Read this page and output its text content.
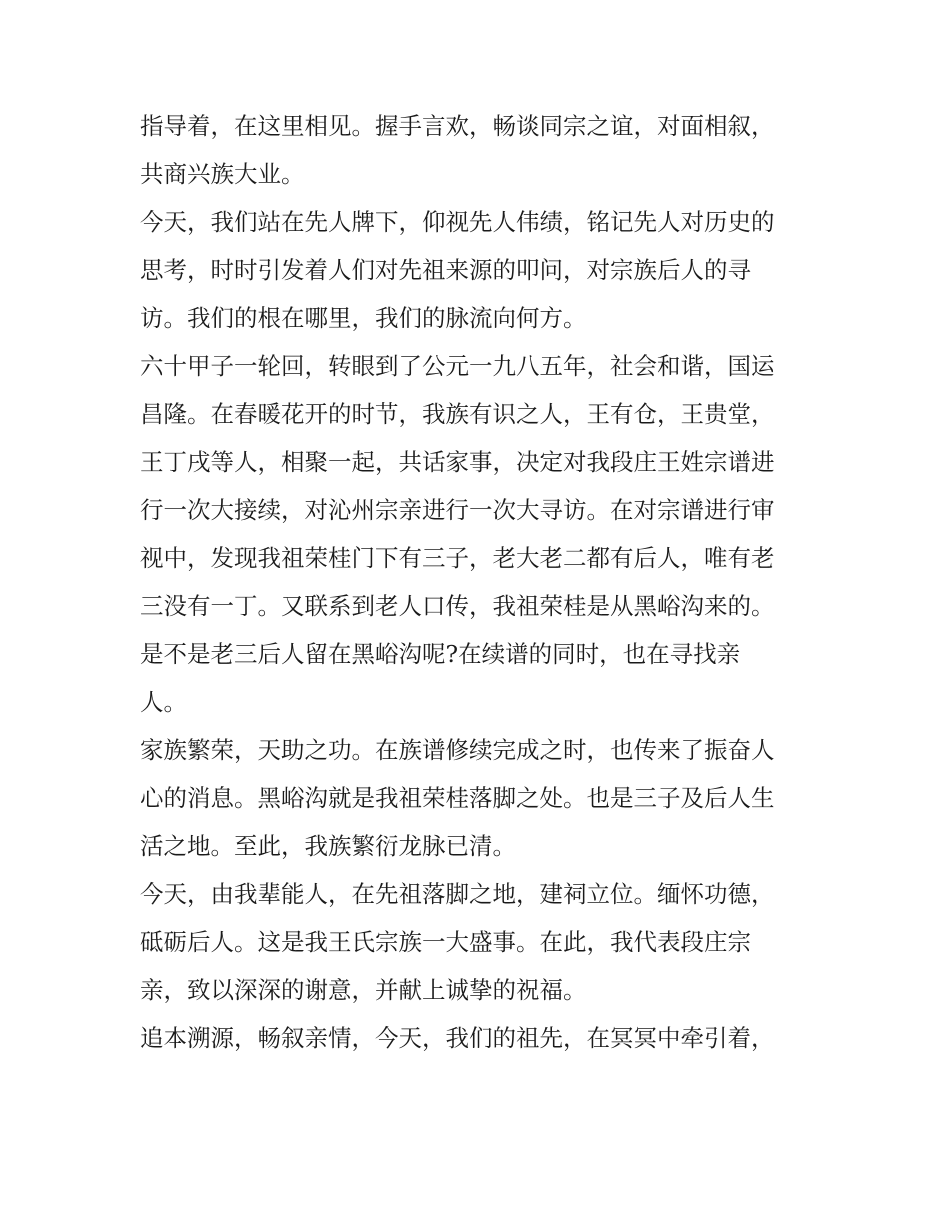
指导着，在这里相见。握手言欢，畅谈同宗之谊，对面相叙，
共商兴族大业。
今天，我们站在先人牌下，仰视先人伟绩，铭记先人对历史的
思考，时时引发着人们对先祖来源的叩问，对宗族后人的寻
访。我们的根在哪里，我们的脉流向何方。
六十甲子一轮回，转眼到了公元一九八五年，社会和谐，国运
昌隆。在春暖花开的时节，我族有识之人，王有仓，王贵堂，
王丁戌等人，相聚一起，共话家事，决定对我段庄王姓宗谱进
行一次大接续，对沁州宗亲进行一次大寻访。在对宗谱进行审
视中，发现我祖荣桂门下有三子，老大老二都有后人，唯有老
三没有一丁。又联系到老人口传，我祖荣桂是从黑峪沟来的。
是不是老三后人留在黑峪沟呢?在续谱的同时，也在寻找亲
人。
家族繁荣，天助之功。在族谱修续完成之时，也传来了振奋人
心的消息。黑峪沟就是我祖荣桂落脚之处。也是三子及后人生
活之地。至此，我族繁衍龙脉已清。
今天，由我辈能人，在先祖落脚之地，建祠立位。缅怀功德，
砥砺后人。这是我王氏宗族一大盛事。在此，我代表段庄宗
亲，致以深深的谢意，并献上诚挚的祝福。
追本溯源，畅叙亲情，今天，我们的祖先，在冥冥中牵引着，
